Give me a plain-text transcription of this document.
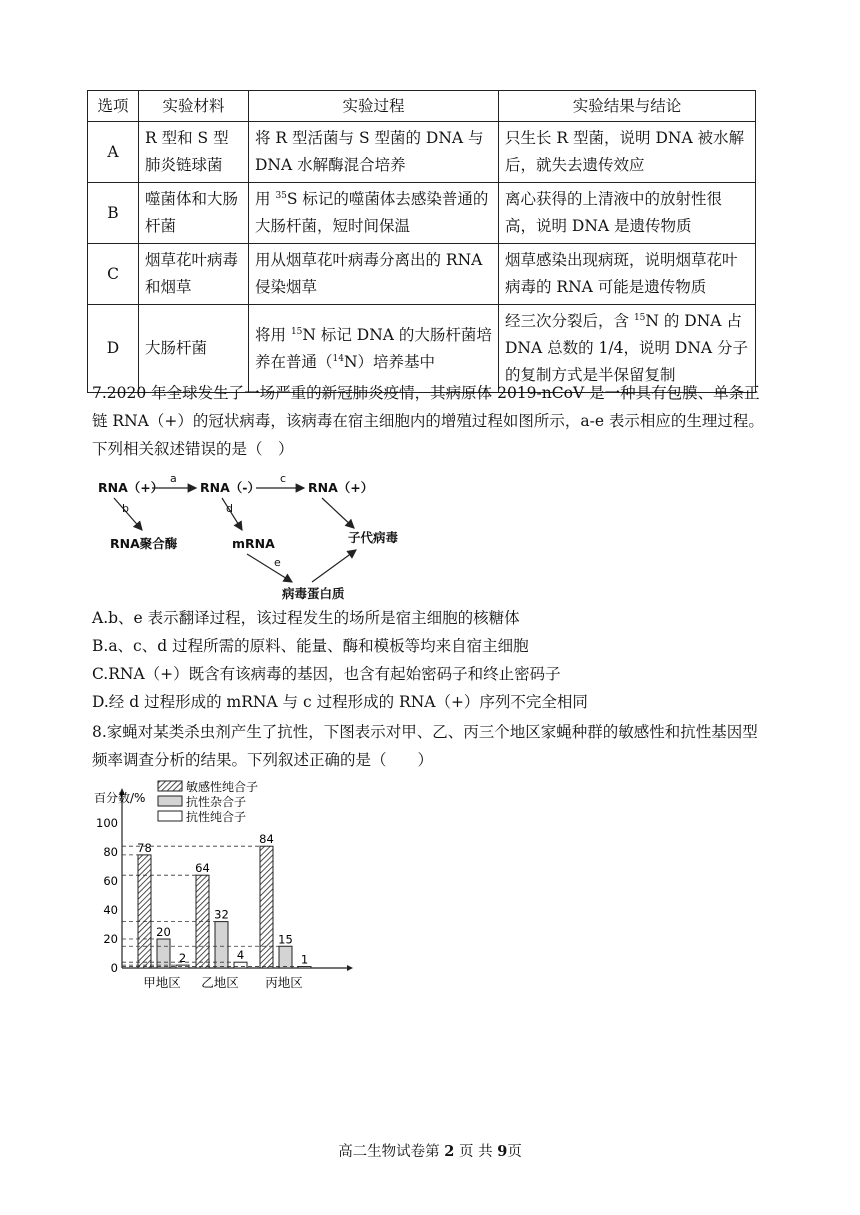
选项	实验材料	实验过程	实验结果与结论
A	R 型和 S 型肺炎链球菌	将 R 型活菌与 S 型菌的 DNA 与 DNA 水解酶混合培养	只生长 R 型菌，说明 DNA 被水解后，就失去遗传效应
B	噬菌体和大肠杆菌	用 $^{35}$S 标记的噬菌体去感染普通的大肠杆菌，短时间保温	离心获得的上清液中的放射性很高，说明 DNA 是遗传物质
C	烟草花叶病毒和烟草	用从烟草花叶病毒分离出的 RNA 侵染烟草	烟草感染出现病斑，说明烟草花叶病毒的 RNA 可能是遗传物质
D	大肠杆菌	将用 $^{15}$N 标记 DNA 的大肠杆菌培养在普通（$^{14}$N）培养基中	经三次分裂后，含 $^{15}$N 的 DNA 占 DNA 总数的 1/4，说明 DNA 分子的复制方式是半保留复制
7.2020 年全球发生了一场严重的新冠肺炎疫情，其病原体 2019-nCoV 是一种具有包膜、单条正链 RNA（+）的冠状病毒，该病毒在宿主细胞内的增殖过程如图所示，a-e 表示相应的生理过程。下列相关叙述错误的是（　）
RNA（+）	RNA（-）	RNA（+）
RNA聚合酶	mRNA	子代病毒
病毒蛋白质
a
b
c
d
e
A.b、e 表示翻译过程，该过程发生的场所是宿主细胞的核糖体
B.a、c、d 过程所需的原料、能量、酶和模板等均来自宿主细胞
C.RNA（+）既含有该病毒的基因，也含有起始密码子和终止密码子
D.经 d 过程形成的 mRNA 与 c 过程形成的 RNA（+）序列不完全相同
8.家蝇对某类杀虫剂产生了抗性，下图表示对甲、乙、丙三个地区家蝇种群的敏感性和抗性基因型频率调查分析的结果。下列叙述正确的是（　　）
百分数/%
0
20
40
60
80
100
敏感性纯合子
抗性杂合子
抗性纯合子
甲地区
78
20
2
乙地区
64
32
4
丙地区
84
15
1
高二生物试卷第 2 页 共 9页
